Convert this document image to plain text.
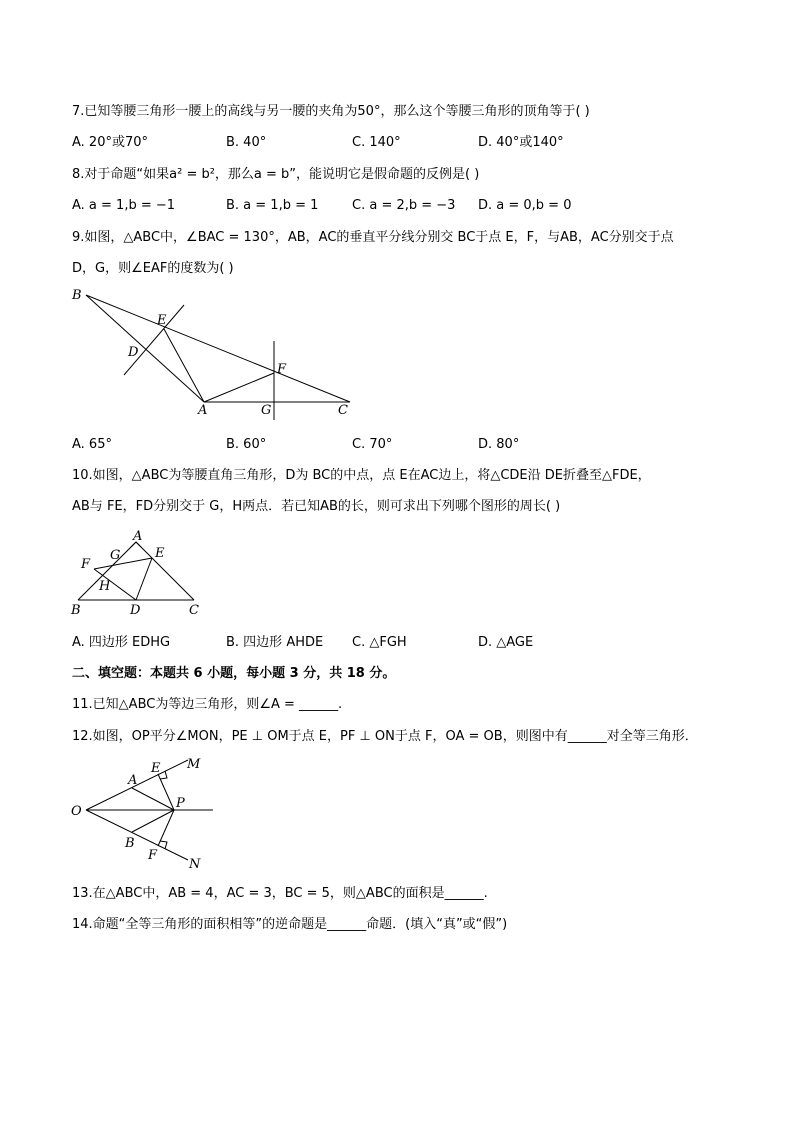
7.已知等腰三角形一腰上的高线与另一腰的夹角为50°，那么这个等腰三角形的顶角等于( )
A. 20°或70°	B. 40°	C. 140°	D. 40°或140°
8.对于命题“如果a² = b²，那么a = b”，能说明它是假命题的反例是( )
A. a = 1,b = −1	B. a = 1,b = 1	C. a = 2,b = −3 D. a = 0,b = 0
9.如图，△ABC中，∠BAC = 130°，AB，AC的垂直平分线分别交 BC于点 E，F，与AB，AC分别交于点
D，G，则∠EAF的度数为( )
B
E
D
F
A	G	C
A. 65°	B. 60°	C. 70°	D. 80°
10.如图，△ABC为等腰直角三角形，D为 BC的中点，点 E在AC边上，将△CDE沿 DE折叠至△FDE，
AB与 FE，FD分别交于 G，H两点．若已知AB的长，则可求出下列哪个图形的周长( )
A
G	E
F
H
B	D	C
A. 四边形 EDHG	B. 四边形 AHDE C. △FGH	D. △AGE
二、填空题：本题共 6 小题，每小题 3 分，共 18 分。
11.已知△ABC为等边三角形，则∠A = ______.
12.如图，OP平分∠MON，PE ⊥ OM于点 E，PF ⊥ ON于点 F，OA = OB，则图中有______对全等三角形．
M
E
A
O
P
B
F
N
13.在△ABC中，AB = 4，AC = 3，BC = 5，则△ABC的面积是______.
14.命题“全等三角形的面积相等”的逆命题是______命题．(填入“真”或“假”)
